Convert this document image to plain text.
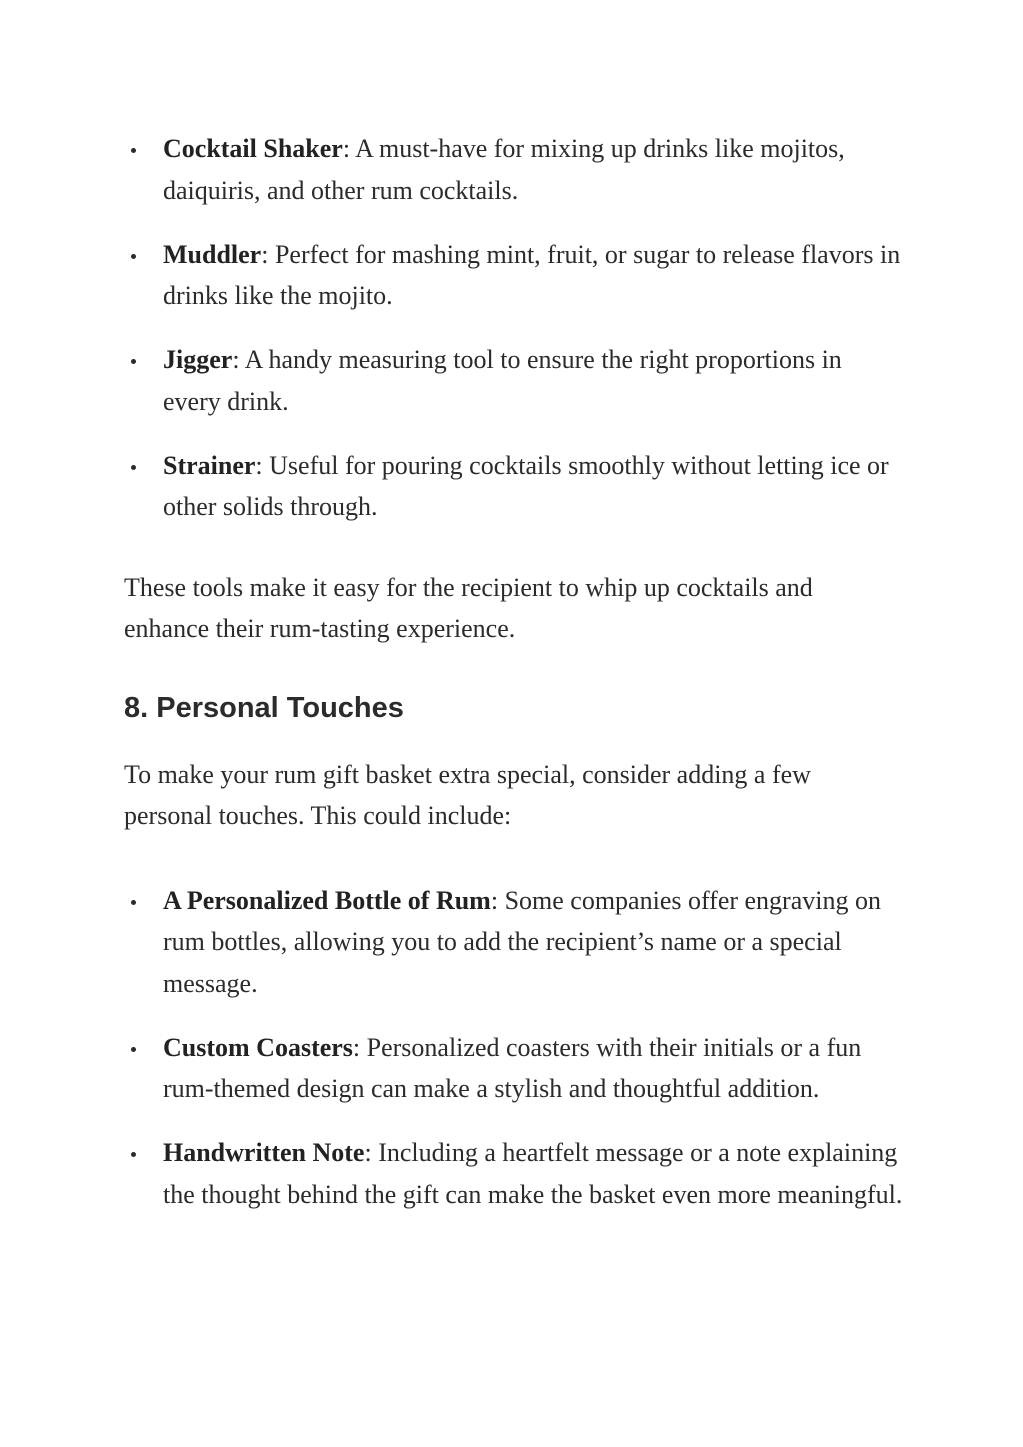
Cocktail Shaker: A must-have for mixing up drinks like mojitos, daiquiris, and other rum cocktails.
Muddler: Perfect for mashing mint, fruit, or sugar to release flavors in drinks like the mojito.
Jigger: A handy measuring tool to ensure the right proportions in every drink.
Strainer: Useful for pouring cocktails smoothly without letting ice or other solids through.

These tools make it easy for the recipient to whip up cocktails and enhance their rum-tasting experience.

8. Personal Touches

To make your rum gift basket extra special, consider adding a few personal touches. This could include:

A Personalized Bottle of Rum: Some companies offer engraving on rum bottles, allowing you to add the recipient’s name or a special message.
Custom Coasters: Personalized coasters with their initials or a fun rum-themed design can make a stylish and thoughtful addition.
Handwritten Note: Including a heartfelt message or a note explaining the thought behind the gift can make the basket even more meaningful.
